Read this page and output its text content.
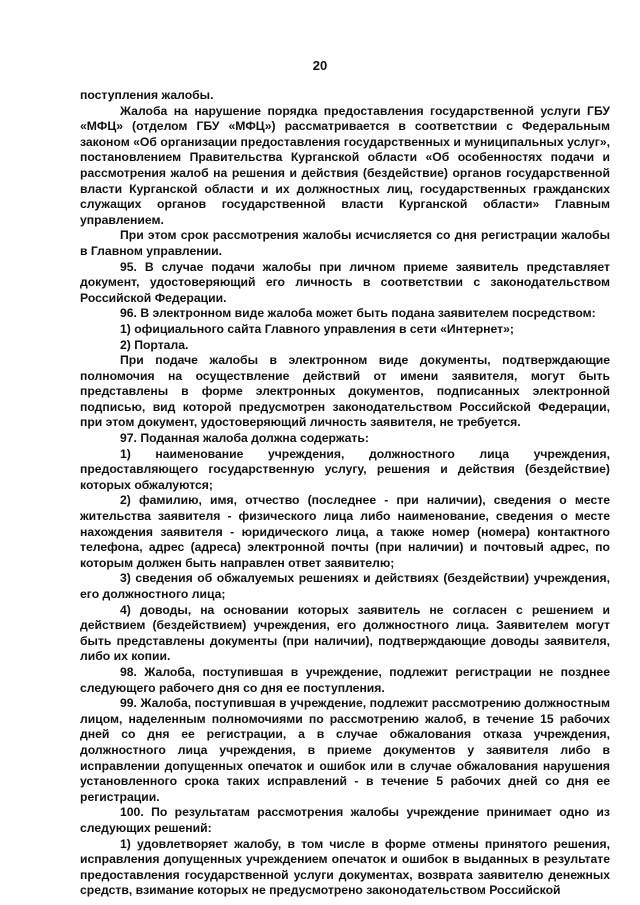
20

поступления жалобы.

Жалоба на нарушение порядка предоставления государственной услуги ГБУ «МФЦ» (отделом ГБУ «МФЦ») рассматривается в соответствии с Федеральным законом «Об организации предоставления государственных и муниципальных услуг», постановлением Правительства Курганской области «Об особенностях подачи и рассмотрения жалоб на решения и действия (бездействие) органов государственной власти Курганской области и их должностных лиц, государственных гражданских служащих органов государственной власти Курганской области» Главным управлением.

При этом срок рассмотрения жалобы исчисляется со дня регистрации жалобы в Главном управлении.

95. В случае подачи жалобы при личном приеме заявитель представляет документ, удостоверяющий его личность в соответствии с законодательством Российской Федерации.

96. В электронном виде жалоба может быть подана заявителем посредством:

1) официального сайта Главного управления в сети «Интернет»;

2) Портала.

При подаче жалобы в электронном виде документы, подтверждающие полномочия на осуществление действий от имени заявителя, могут быть представлены в форме электронных документов, подписанных электронной подписью, вид которой предусмотрен законодательством Российской Федерации, при этом документ, удостоверяющий личность заявителя, не требуется.

97. Поданная жалоба должна содержать:

1) наименование учреждения, должностного лица учреждения, предоставляющего государственную услугу, решения и действия (бездействие) которых обжалуются;

2) фамилию, имя, отчество (последнее - при наличии), сведения о месте жительства заявителя - физического лица либо наименование, сведения о месте нахождения заявителя - юридического лица, а также номер (номера) контактного телефона, адрес (адреса) электронной почты (при наличии) и почтовый адрес, по которым должен быть направлен ответ заявителю;

3) сведения об обжалуемых решениях и действиях (бездействии) учреждения, его должностного лица;

4) доводы, на основании которых заявитель не согласен с решением и действием (бездействием) учреждения, его должностного лица. Заявителем могут быть представлены документы (при наличии), подтверждающие доводы заявителя, либо их копии.

98. Жалоба, поступившая в учреждение, подлежит регистрации не позднее следующего рабочего дня со дня ее поступления.

99. Жалоба, поступившая в учреждение, подлежит рассмотрению должностным лицом, наделенным полномочиями по рассмотрению жалоб, в течение 15 рабочих дней со дня ее регистрации, а в случае обжалования отказа учреждения, должностного лица учреждения, в приеме документов у заявителя либо в исправлении допущенных опечаток и ошибок или в случае обжалования нарушения установленного срока таких исправлений - в течение 5 рабочих дней со дня ее регистрации.

100. По результатам рассмотрения жалобы учреждение принимает одно из следующих решений:

1) удовлетворяет жалобу, в том числе в форме отмены принятого решения, исправления допущенных учреждением опечаток и ошибок в выданных в результате предоставления государственной услуги документах, возврата заявителю денежных средств, взимание которых не предусмотрено законодательством Российской
